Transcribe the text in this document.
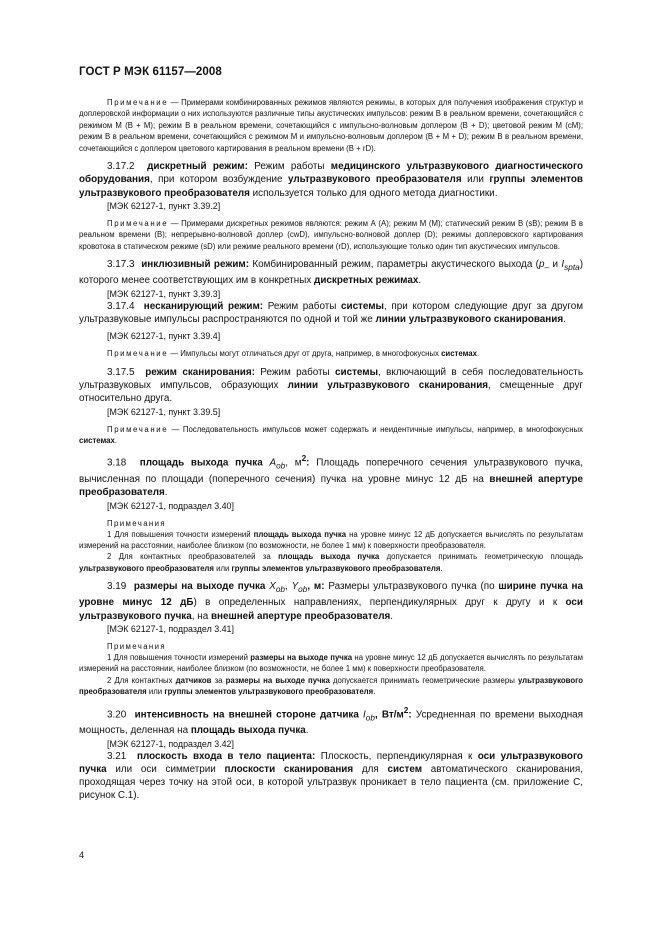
ГОСТ Р МЭК 61157—2008

Примечание — Примерами комбинированных режимов являются режимы, в которых для получения изображения структур и доплеровской информации о них используются различные типы акустических импульсов: режим В в реальном времени, сочетающийся с режимом М (В + М); режим В в реальном времени, сочетающийся с импульсно-волновым доплером (В + D); цветовой режим М (cM); режим В в реальном времени, сочетающийся с режимом М и импульсно-волновым доплером (В + М + D); режим В в реальном времени, сочетающийся с доплером цветового картирования в реальном времени (В + rD).

3.17.2 дискретный режим: Режим работы медицинского ультразвукового диагностического оборудования, при котором возбуждение ультразвукового преобразователя или группы элементов ультразвукового преобразователя используется только для одного метода диагностики.

[МЭК 62127-1, пункт 3.39.2]

Примечание — Примерами дискретных режимов являются: режим А (А); режим М (М); статический режим В (sB); режим В в реальном времени (В); непрерывно-волновой доплер (cwD), импульсно-волновой доплер (D); режимы доплеровского картирования кровотока в статическом режиме (sD) или режиме реального времени (rD), использующие только один тип акустических импульсов.

3.17.3 инклюзивный режим: Комбинированный режим, параметры акустического выхода ($p_-$ и $I_{spta}$) которого менее соответствующих им в конкретных дискретных режимах.

[МЭК 62127-1, пункт 3.39.3]

3.17.4 несканирующий режим: Режим работы системы, при котором следующие друг за другом ультразвуковые импульсы распространяются по одной и той же линии ультразвукового сканирования.

[МЭК 62127-1, пункт 3.39.4]

Примечание — Импульсы могут отличаться друг от друга, например, в многофокусных системах.

3.17.5 режим сканирования: Режим работы системы, включающий в себя последовательность ультразвуковых импульсов, образующих линии ультразвукового сканирования, смещенные друг относительно друга.

[МЭК 62127-1, пункт 3.39.5]

Примечание — Последовательность импульсов может содержать и неидентичные импульсы, например, в многофокусных системах.

3.18 площадь выхода пучка $A_{ob}$, $м^2$: Площадь поперечного сечения ультразвукового пучка, вычисленная по площади (поперечного сечения) пучка на уровне минус 12 дБ на внешней апертуре преобразователя.

[МЭК 62127-1, подраздел 3.40]

Примечания

1 Для повышения точности измерений площадь выхода пучка на уровне минус 12 дБ допускается вычислять по результатам измерений на расстоянии, наиболее близком (по возможности, не более 1 мм) к поверхности преобразователя.

2 Для контактных преобразователей за площадь выхода пучка допускается принимать геометрическую площадь ультразвукового преобразователя или группы элементов ультразвукового преобразователя.

3.19 размеры на выходе пучка $X_{ob}$, $Y_{ob}$, м: Размеры ультразвукового пучка (по ширине пучка на уровне минус 12 дБ) в определенных направлениях, перпендикулярных друг к другу и к оси ультразвукового пучка, на внешней апертуре преобразователя.

[МЭК 62127-1, подраздел 3.41]

Примечания

1 Для повышения точности измерений размеры на выходе пучка на уровне минус 12 дБ допускается вычислять по результатам измерений на расстоянии, наиболее близком (по возможности, не более 1 мм) к поверхности преобразователя.

2 Для контактных датчиков за размеры на выходе пучка допускается принимать геометрические размеры ультразвукового преобразователя или группы элементов ультразвукового преобразователя.

3.20 интенсивность на внешней стороне датчика $I_{ob}$, $Вт/м^2$: Усредненная по времени выходная мощность, деленная на площадь выхода пучка.

[МЭК 62127-1, подраздел 3.42]

3.21 плоскость входа в тело пациента: Плоскость, перпендикулярная к оси ультразвукового пучка или оси симметрии плоскости сканирования для систем автоматического сканирования, проходящая через точку на этой оси, в которой ультразвук проникает в тело пациента (см. приложение С, рисунок С.1).

4
